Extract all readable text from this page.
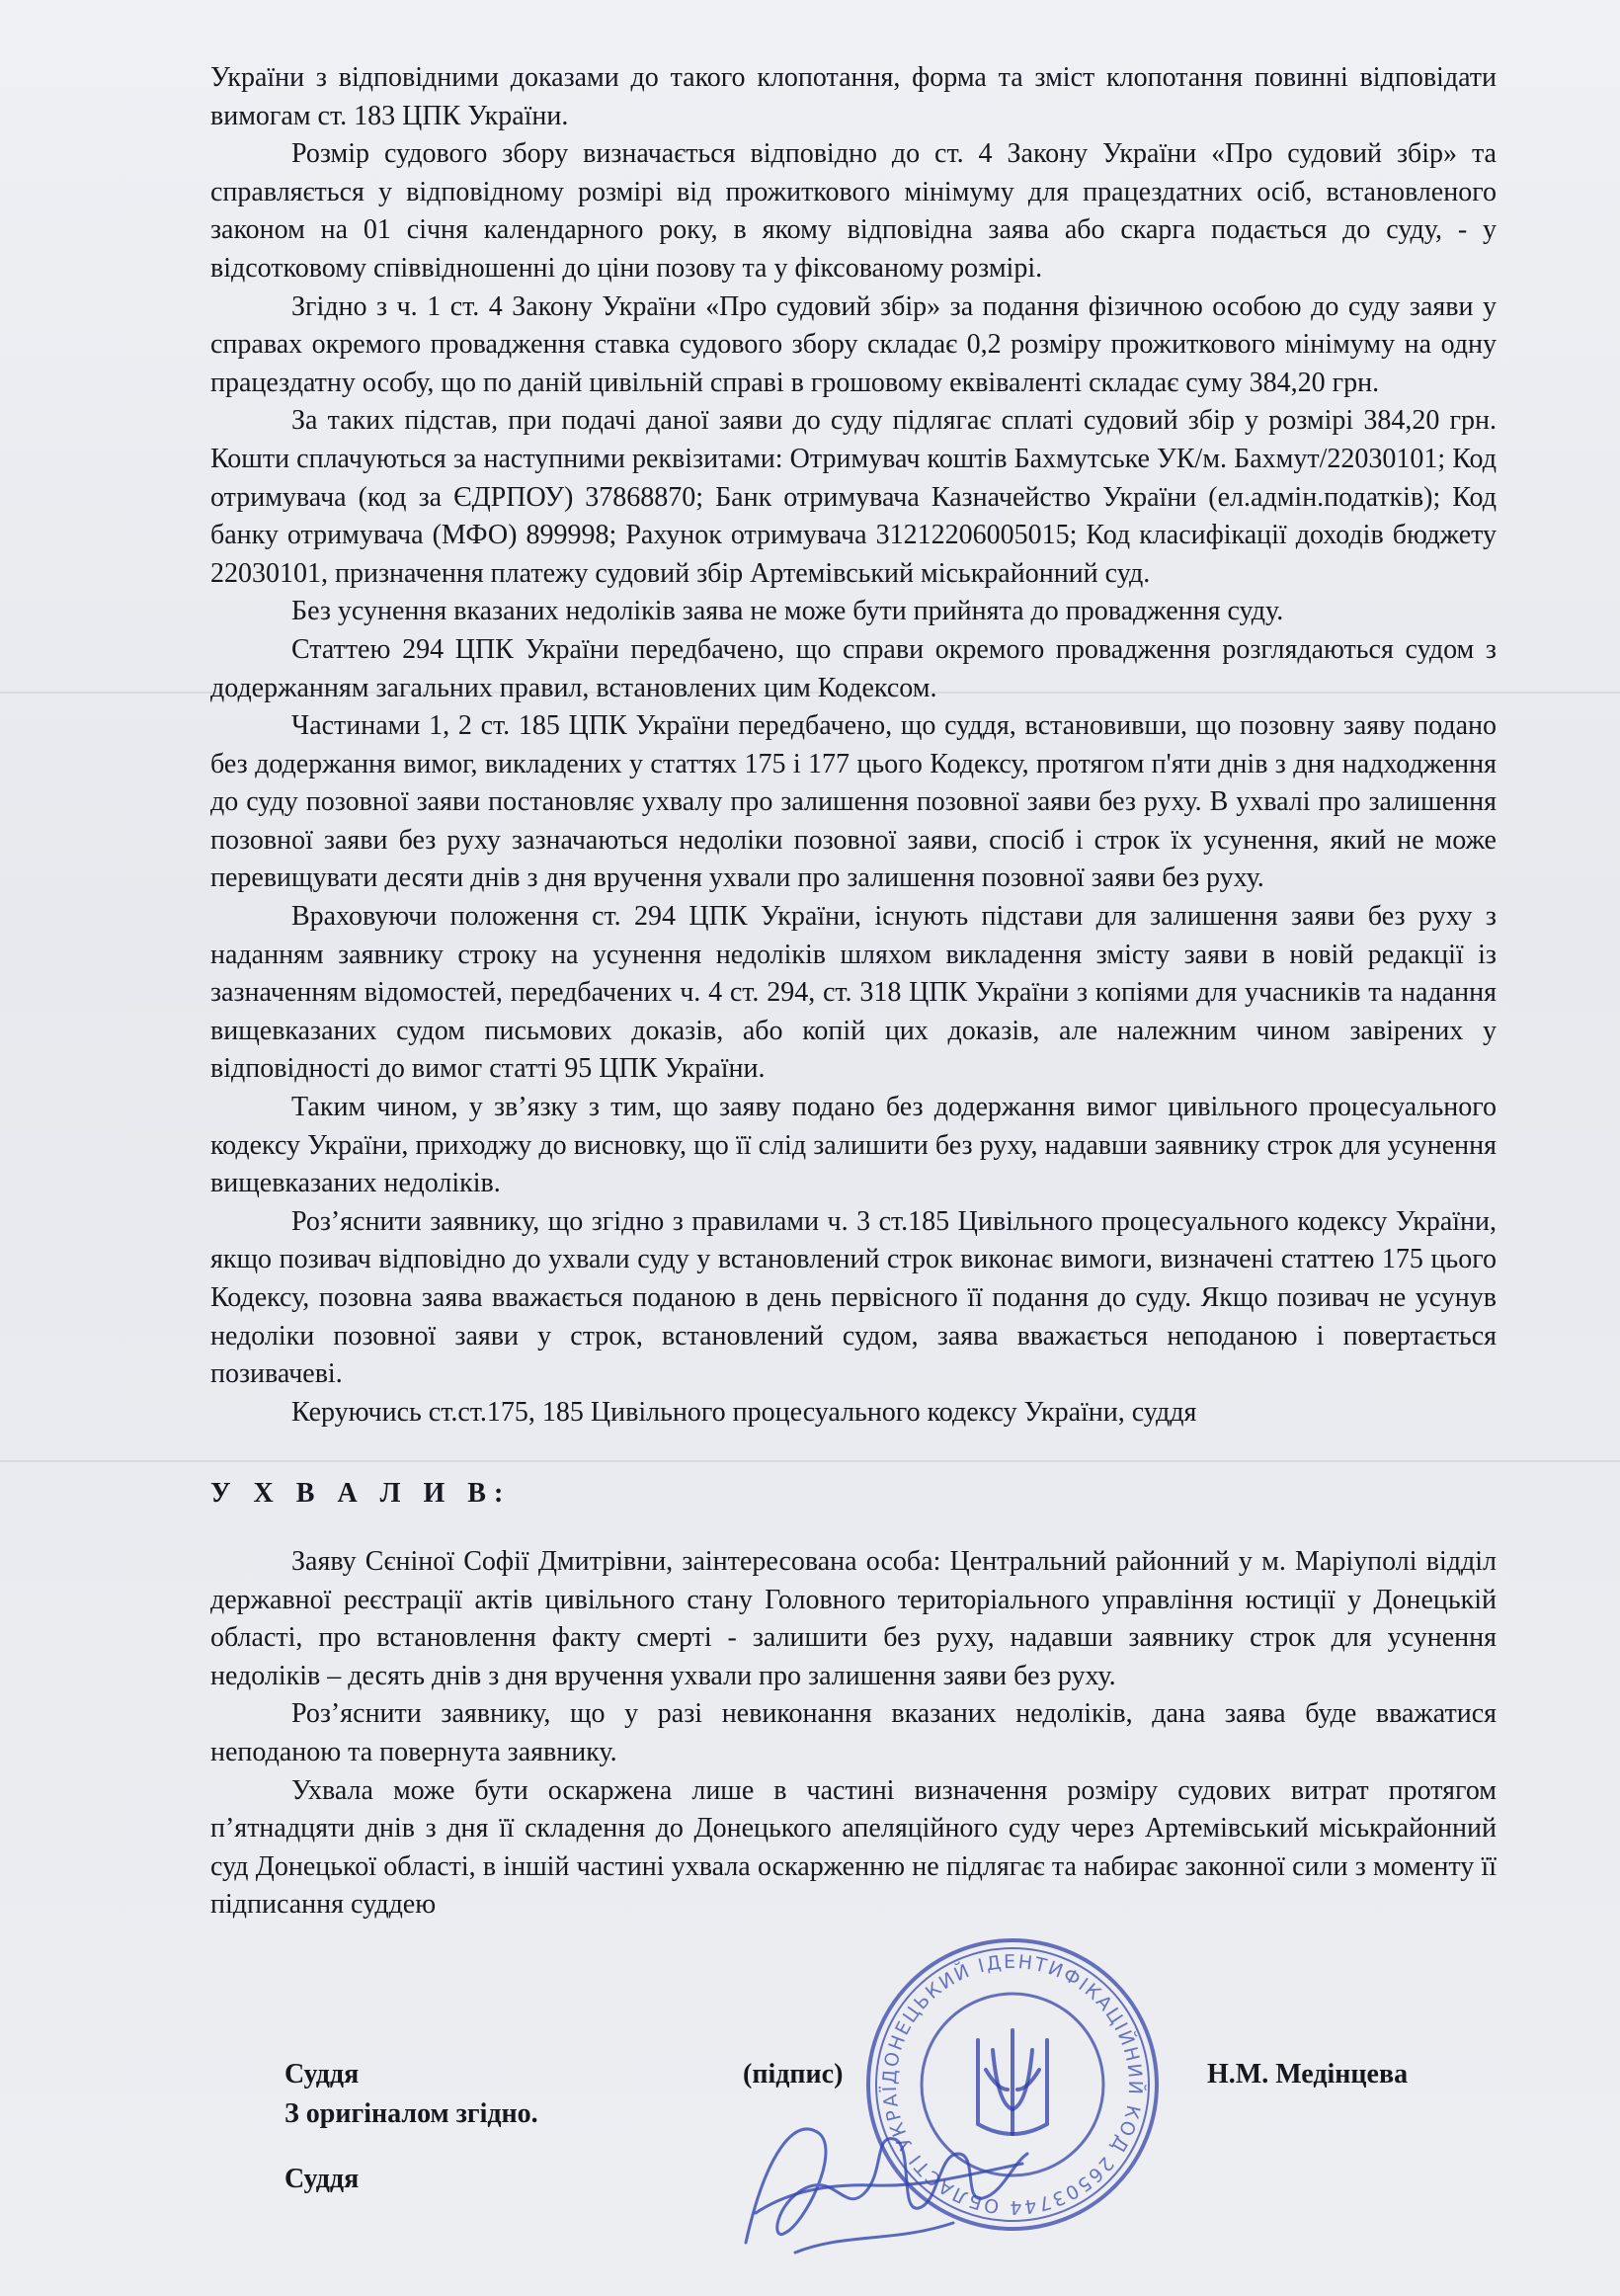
України з відповідними доказами до такого клопотання, форма та зміст клопотання повинні відповідати вимогам ст. 183 ЦПК України.

Розмір судового збору визначається відповідно до ст. 4 Закону України «Про судовий збір» та справляється у відповідному розмірі від прожиткового мінімуму для працездатних осіб, встановленого законом на 01 січня календарного року, в якому відповідна заява або скарга подається до суду, - у відсотковому співвідношенні до ціни позову та у фіксованому розмірі.

Згідно з ч. 1 ст. 4 Закону України «Про судовий збір» за подання фізичною особою до суду заяви у справах окремого провадження ставка судового збору складає 0,2 розміру прожиткового мінімуму на одну працездатну особу, що по даній цивільній справі в грошовому еквіваленті складає суму 384,20 грн.

За таких підстав, при подачі даної заяви до суду підлягає сплаті судовий збір у розмірі 384,20 грн. Кошти сплачуються за наступними реквізитами: Отримувач коштів Бахмутське УК/м. Бахмут/22030101; Код отримувача (код за ЄДРПОУ) 37868870; Банк отримувача Казначейство України (ел.адмін.податків); Код банку отримувача (МФО) 899998; Рахунок отримувача 31212206005015; Код класифікації доходів бюджету 22030101, призначення платежу судовий збір Артемівський міськрайонний суд.

Без усунення вказаних недоліків заява не може бути прийнята до провадження суду.

Статтею 294 ЦПК України передбачено, що справи окремого провадження розглядаються судом з додержанням загальних правил, встановлених цим Кодексом.

Частинами 1, 2 ст. 185 ЦПК України передбачено, що суддя, встановивши, що позовну заяву подано без додержання вимог, викладених у статтях 175 і 177 цього Кодексу, протягом п'яти днів з дня надходження до суду позовної заяви постановляє ухвалу про залишення позовної заяви без руху. В ухвалі про залишення позовної заяви без руху зазначаються недоліки позовної заяви, спосіб і строк їх усунення, який не може перевищувати десяти днів з дня вручення ухвали про залишення позовної заяви без руху.

Враховуючи положення ст. 294 ЦПК України, існують підстави для залишення заяви без руху з наданням заявнику строку на усунення недоліків шляхом викладення змісту заяви в новій редакції із зазначенням відомостей, передбачених ч. 4 ст. 294, ст. 318 ЦПК України з копіями для учасників та надання вищевказаних судом письмових доказів, або копій цих доказів, але належним чином завірених у відповідності до вимог статті 95 ЦПК України.

Таким чином, у зв’язку з тим, що заяву подано без додержання вимог цивільного процесуального кодексу України, приходжу до висновку, що її слід залишити без руху, надавши заявнику строк для усунення вищевказаних недоліків.

Роз’яснити заявнику, що згідно з правилами ч. 3 ст.185 Цивільного процесуального кодексу України, якщо позивач відповідно до ухвали суду у встановлений строк виконає вимоги, визначені статтею 175 цього Кодексу, позовна заява вважається поданою в день первісного її подання до суду. Якщо позивач не усунув недоліки позовної заяви у строк, встановлений судом, заява вважається неподаною і повертається позивачеві.

Керуючись ст.ст.175, 185 Цивільного процесуального кодексу України, суддя

У Х В А Л И В:

Заяву Сєніної Софії Дмитрівни, заінтересована особа: Центральний районний у м. Маріуполі відділ державної реєстрації актів цивільного стану Головного територіального управління юстиції у Донецькій області, про встановлення факту смерті - залишити без руху, надавши заявнику строк для усунення недоліків – десять днів з дня вручення ухвали про залишення заяви без руху.

Роз’яснити заявнику, що у разі невиконання вказаних недоліків, дана заява буде вважатися неподаною та повернута заявнику.

Ухвала може бути оскаржена лише в частині визначення розміру судових витрат протягом п’ятнадцяти днів з дня її складення до Донецького апеляційного суду через Артемівський міськрайонний суд Донецької області, в іншій частині ухвала оскарженню не підлягає та набирає законної сили з моменту її підписання суддею

Суддя	(підпис)	Н.М. Медінцева
З оригіналом згідно.
Суддя
ДОНЕЦЬКИЙ ІДЕНТИФІКАЦІЙНИЙ КОД 26503744 ОБЛАСТІ УКРАЇ
